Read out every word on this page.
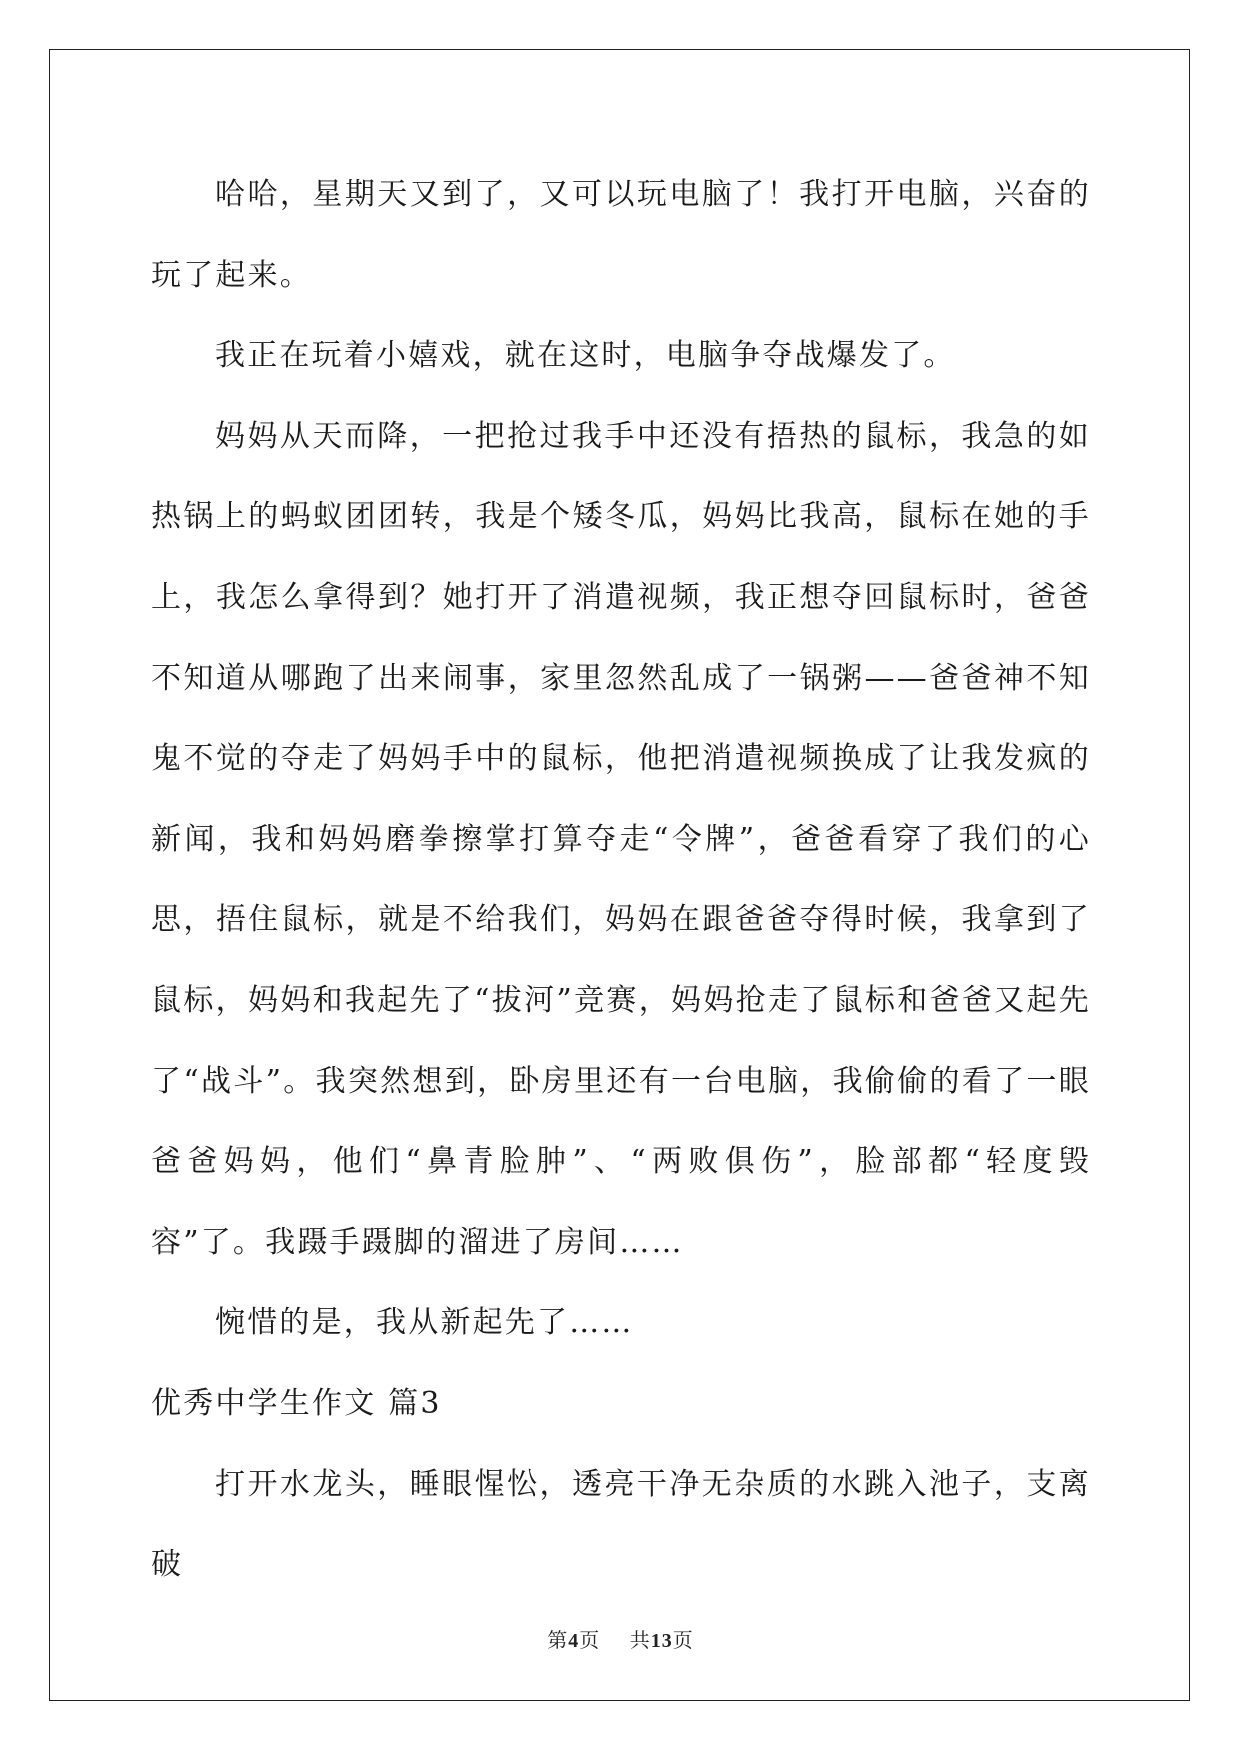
哈哈，星期天又到了，又可以玩电脑了！我打开电脑，兴奋的玩了起来。

我正在玩着小嬉戏，就在这时，电脑争夺战爆发了。

妈妈从天而降，一把抢过我手中还没有捂热的鼠标，我急的如热锅上的蚂蚁团团转，我是个矮冬瓜，妈妈比我高，鼠标在她的手上，我怎么拿得到？她打开了消遣视频，我正想夺回鼠标时，爸爸不知道从哪跑了出来闹事，家里忽然乱成了一锅粥——爸爸神不知鬼不觉的夺走了妈妈手中的鼠标，他把消遣视频换成了让我发疯的新闻，我和妈妈磨拳擦掌打算夺走“令牌”，爸爸看穿了我们的心思，捂住鼠标，就是不给我们，妈妈在跟爸爸夺得时候，我拿到了鼠标，妈妈和我起先了“拔河”竞赛，妈妈抢走了鼠标和爸爸又起先了“战斗”。我突然想到，卧房里还有一台电脑，我偷偷的看了一眼爸爸妈妈，他们“鼻青脸肿”、“两败俱伤”，脸部都“轻度毁容”了。我蹑手蹑脚的溜进了房间……

惋惜的是，我从新起先了……

优秀中学生作文 篇3

打开水龙头，睡眼惺忪，透亮干净无杂质的水跳入池子，支离破

第4页 共13页
